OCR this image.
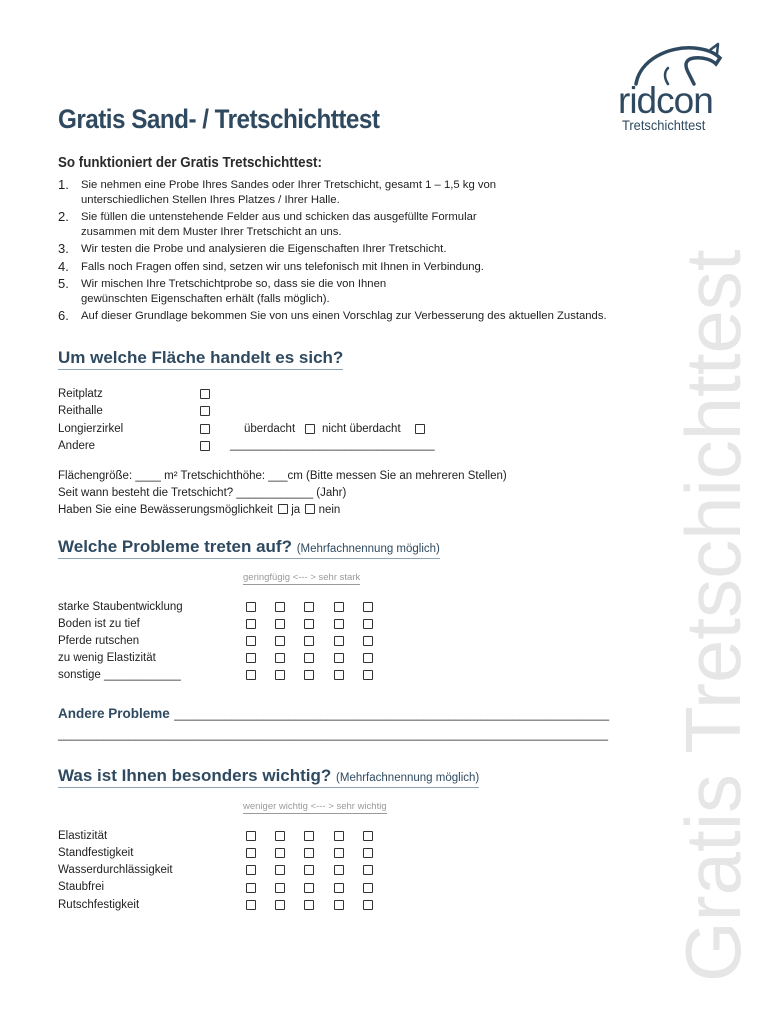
Gratis Tretschichttest
ridcon
Tretschichttest
Gratis Sand- / Tretschichttest
So funktioniert der Gratis Tretschichttest:
1.	Sie nehmen eine Probe Ihres Sandes oder Ihrer Tretschicht, gesamt 1 – 1,5 kg von unterschiedlichen Stellen Ihres Platzes / Ihrer Halle.
2.	Sie füllen die untenstehende Felder aus und schicken das ausgefüllte Formular zusammen mit dem Muster Ihrer Tretschicht an uns.
3.	Wir testen die Probe und analysieren die Eigenschaften Ihrer Tretschicht.
4.	Falls noch Fragen offen sind, setzen wir uns telefonisch mit Ihnen in Verbindung.
5.	Wir mischen Ihre Tretschichtprobe so, dass sie die von Ihnen gewünschten Eigenschaften erhält (falls möglich).
6.	Auf dieser Grundlage bekommen Sie von uns einen Vorschlag zur Verbesserung des aktuellen Zustands.
Um welche Fläche handelt es sich?
Reitplatz
Reithalle
Longierzirkel	überdacht nicht überdacht
Andere	________________________________
Flächengröße: ____ m² Tretschichthöhe: ___cm (Bitte messen Sie an mehreren Stellen)
Seit wann besteht die Tretschicht? ____________ (Jahr)
Haben Sie eine Bewässerungsmöglichkeit ja nein
Welche Probleme treten auf? (Mehrfachnennung möglich)
geringfügig <--- > sehr stark
starke Staubentwicklung
Boden ist zu tief
Pferde rutschen
zu wenig Elastizität
sonstige ____________
Andere Probleme ____________________________________________________________________
______________________________________________________________________________________
Was ist Ihnen besonders wichtig? (Mehrfachnennung möglich)
weniger wichtig <--- > sehr wichtig
Elastizität
Standfestigkeit
Wasserdurchlässigkeit
Staubfrei
Rutschfestigkeit
